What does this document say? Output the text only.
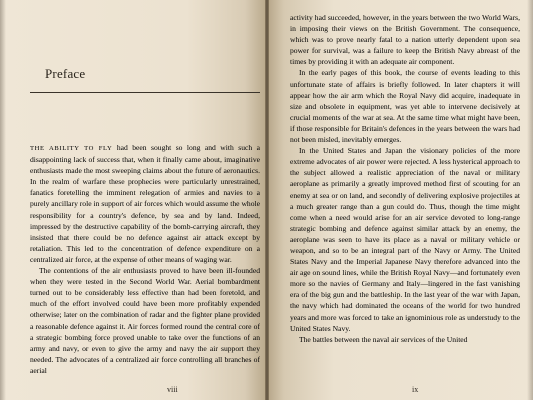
Preface

THE ABILITY TO FLY had been sought so long and with such a disappointing lack of success that, when it finally came about, imaginative enthusiasts made the most sweeping claims about the future of aeronautics. In the realm of warfare these prophecies were particularly unrestrained, fanatics foretelling the imminent relegation of armies and navies to a purely ancillary role in support of air forces which would assume the whole responsibility for a country's defence, by sea and by land. Indeed, impressed by the destructive capability of the bomb-carrying aircraft, they insisted that there could be no defence against air attack except by retaliation. This led to the concentration of defence expenditure on a centralized air force, at the expense of other means of waging war.

The contentions of the air enthusiasts proved to have been ill-founded when they were tested in the Second World War. Aerial bombardment turned out to be considerably less effective than had been foretold, and much of the effort involved could have been more profitably expended otherwise; later on the combination of radar and the fighter plane provided a reasonable defence against it. Air forces formed round the central core of a strategic bombing force proved unable to take over the functions of an army and navy, or even to give the army and navy the air support they needed. The advocates of a centralized air force controlling all branches of aerial

activity had succeeded, however, in the years between the two World Wars, in imposing their views on the British Government. The consequence, which was to prove nearly fatal to a nation utterly dependent upon sea power for survival, was a failure to keep the British Navy abreast of the times by providing it with an adequate air component.

In the early pages of this book, the course of events leading to this unfortunate state of affairs is briefly followed. In later chapters it will appear how the air arm which the Royal Navy did acquire, inadequate in size and obsolete in equipment, was yet able to intervene decisively at crucial moments of the war at sea. At the same time what might have been, if those responsible for Britain's defences in the years between the wars had not been misled, inevitably emerges.

In the United States and Japan the visionary policies of the more extreme advocates of air power were rejected. A less hysterical approach to the subject allowed a realistic appreciation of the naval or military aeroplane as primarily a greatly improved method first of scouting for an enemy at sea or on land, and secondly of delivering explosive projectiles at a much greater range than a gun could do. Thus, though the time might come when a need would arise for an air service devoted to long-range strategic bombing and defence against similar attack by an enemy, the aeroplane was seen to have its place as a naval or military vehicle or weapon, and so to be an integral part of the Navy or Army. The United States Navy and the Imperial Japanese Navy therefore advanced into the air age on sound lines, while the British Royal Navy—and fortunately even more so the navies of Germany and Italy—lingered in the fast vanishing era of the big gun and the battleship. In the last year of the war with Japan, the navy which had dominated the oceans of the world for two hundred years and more was forced to take an ignominious role as understudy to the United States Navy.

The battles between the naval air services of the United

viii	ix
